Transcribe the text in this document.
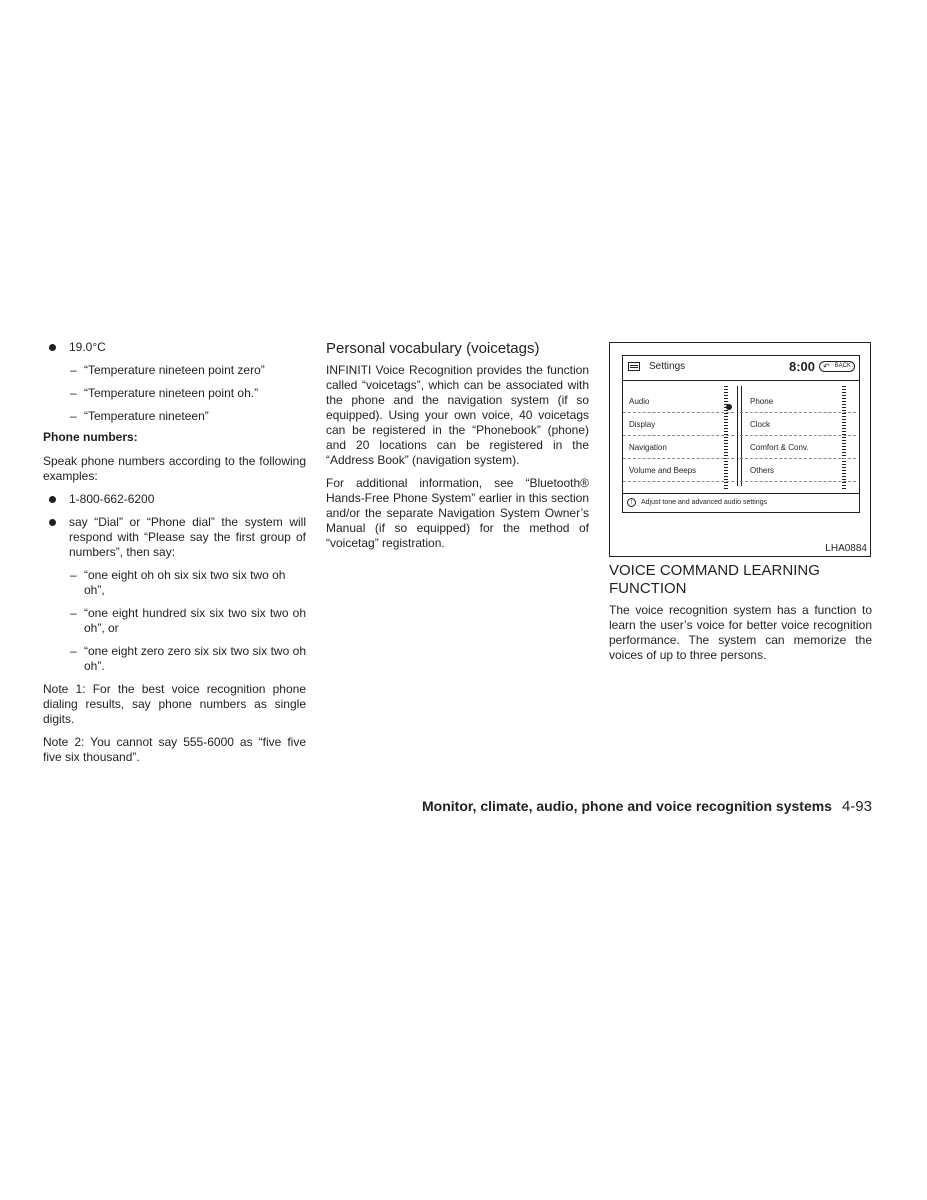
19.0°C
– “Temperature nineteen point zero”
– “Temperature nineteen point oh.”
– “Temperature nineteen”

Phone numbers:

Speak phone numbers according to the following examples:

1-800-662-6200

say “Dial” or “Phone dial” the system will respond with “Please say the first group of numbers”, then say:

– “one eight oh oh six six two six two oh oh”,
– “one eight hundred six six two six two oh oh”, or

– “one eight zero zero six six two six two oh oh”.

Note 1: For the best voice recognition phone dialing results, say phone numbers as single digits.

Note 2: You cannot say 555-6000 as “five five five six thousand”.

Personal vocabulary (voicetags)

INFINITI Voice Recognition provides the function called “voicetags”, which can be associated with the phone and the navigation system (if so equipped). Using your own voice, 40 voicetags can be registered in the “Phonebook” (phone) and 20 locations can be registered in the “Address Book” (navigation system).

For additional information, see “Bluetooth® Hands-Free Phone System” earlier in this section and/or the separate Navigation System Owner’s Manual (if so equipped) for the method of “voicetag” registration.

Settings	8:00 ↶ BACK
Audio
Display
Navigation
Volume and Beeps
Phone
Clock
Comfort & Conv.
Others
!	Adjust tone and advanced audio settings
LHA0884
VOICE COMMAND LEARNING FUNCTION

The voice recognition system has a function to learn the user’s voice for better voice recognition performance. The system can memorize the voices of up to three persons.

Monitor, climate, audio, phone and voice recognition systems 4-93
